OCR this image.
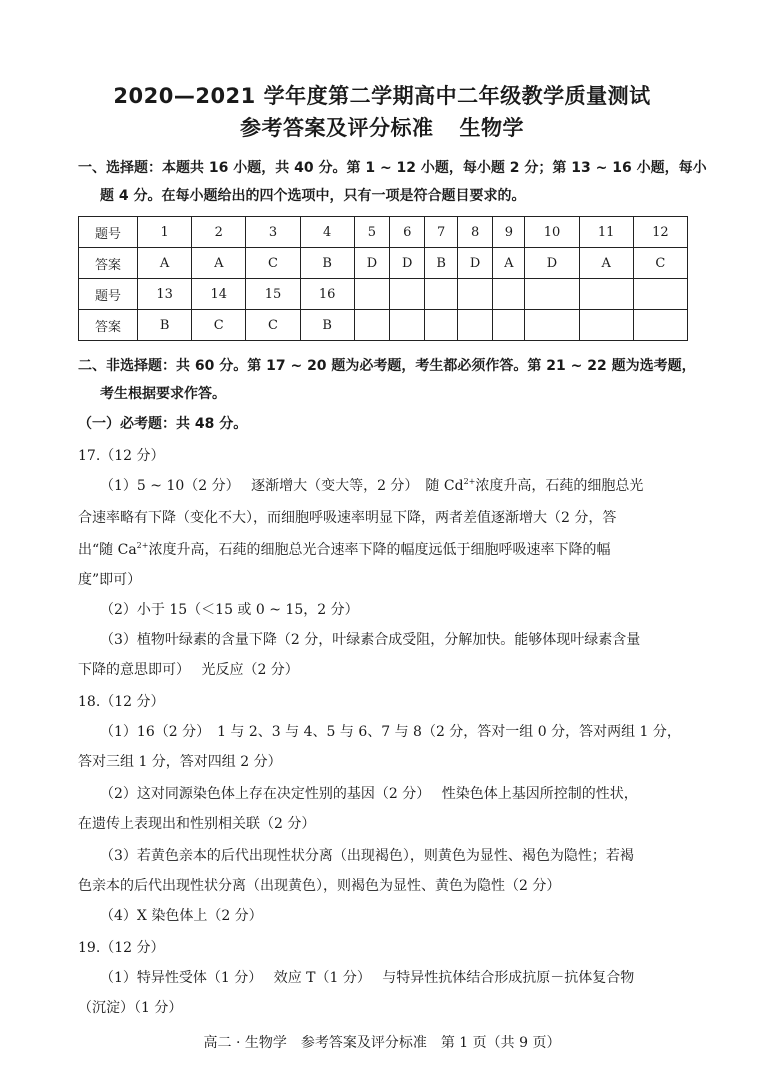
2020—2021 学年度第二学期高中二年级教学质量测试
参考答案及评分标准 生物学
一、选择题：本题共 16 小题，共 40 分。第 1 ~ 12 小题，每小题 2 分；第 13 ~ 16 小题，每小
题 4 分。在每小题给出的四个选项中，只有一项是符合题目要求的。
题号	1	2	3	4	5	6	7	8	9	10	11	12
答案	A	A	C	B	D	D	B	D	A	D	A	C
题号	13	14	15	16								
答案	B	C	C	B								
二、非选择题：共 60 分。第 17 ~ 20 题为必考题，考生都必须作答。第 21 ~ 22 题为选考题，
考生根据要求作答。
（一）必考题：共 48 分。
17.（12 分）
（1）5 ~ 10（2 分）　 逐渐增大（变大等，2 分）　随 $Cd^{2+}$浓度升高，石莼的细胞总光
合速率略有下降（变化不大），而细胞呼吸速率明显下降，两者差值逐渐增大（2 分，答
出“随 $Ca^{2+}$浓度升高，石莼的细胞总光合速率下降的幅度远低于细胞呼吸速率下降的幅
度”即可）
（2）小于 15（＜15 或 0 ~ 15，2 分）
（3）植物叶绿素的含量下降（2 分，叶绿素合成受阻，分解加快。能够体现叶绿素含量
下降的意思即可）　 光反应（2 分）
18.（12 分）
（1）16（2 分）　1 与 2、3 与 4、5 与 6、7 与 8（2 分，答对一组 0 分，答对两组 1 分，
答对三组 1 分，答对四组 2 分）
（2）这对同源染色体上存在决定性别的基因（2 分）　 性染色体上基因所控制的性状，
在遗传上表现出和性别相关联（2 分）
（3）若黄色亲本的后代出现性状分离（出现褐色），则黄色为显性、褐色为隐性；若褐
色亲本的后代出现性状分离（出现黄色），则褐色为显性、黄色为隐性（2 分）
（4）X 染色体上（2 分）
19.（12 分）
（1）特异性受体（1 分）　 效应 T（1 分）　 与特异性抗体结合形成抗原－抗体复合物
（沉淀）（1 分）
高二 · 生物学 参考答案及评分标准 第 1 页（共 9 页）
